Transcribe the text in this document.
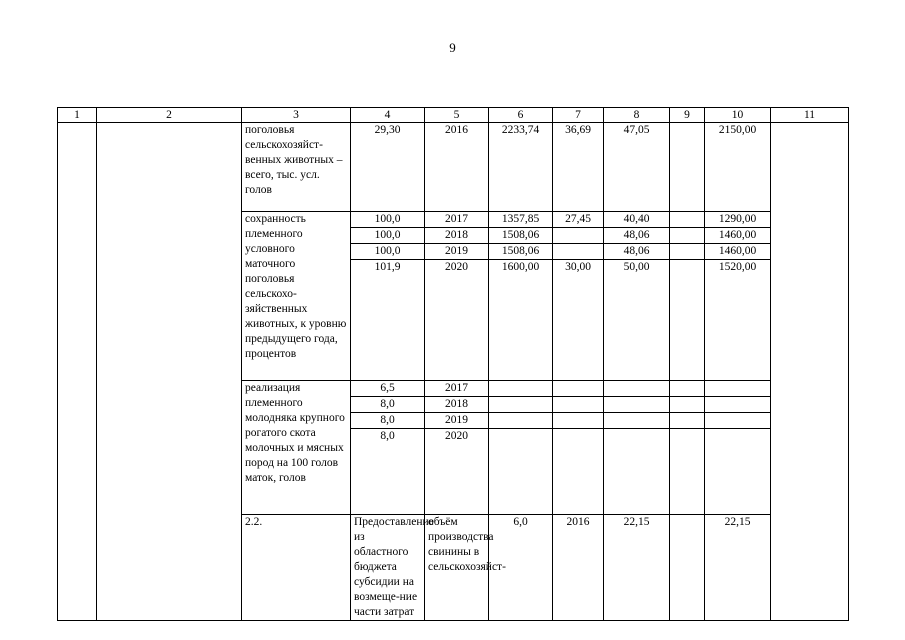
9
1	2	3	4	5	6	7	8	9	10	11	
		поголовья сельскохозяйст-венных животных – всего, тыс. усл. голов	29,30	2016	2233,74	36,69	47,05		2150,00		
		сохранность племенного условного маточного поголовья сельскохо-зяйственных животных, к уровню предыдущего года, процентов	100,0	2017	1357,85	27,45	40,40		1290,00		
			100,0	2018	1508,06		48,06		1460,00		
			100,0	2019	1508,06		48,06		1460,00		
			101,9	2020	1600,00	30,00	50,00		1520,00		
		реализация племенного молодняка крупного рогатого скота молочных и мясных пород на 100 голов маток, голов	6,5	2017							
			8,0	2018							
			8,0	2019							
			8,0	2020							
		2.2.	Предоставление из областного бюджета субсидии на возмеще-ние части затрат	объём производства свинины в сельскохозяйст-	6,0	2016	22,15		22,15			
